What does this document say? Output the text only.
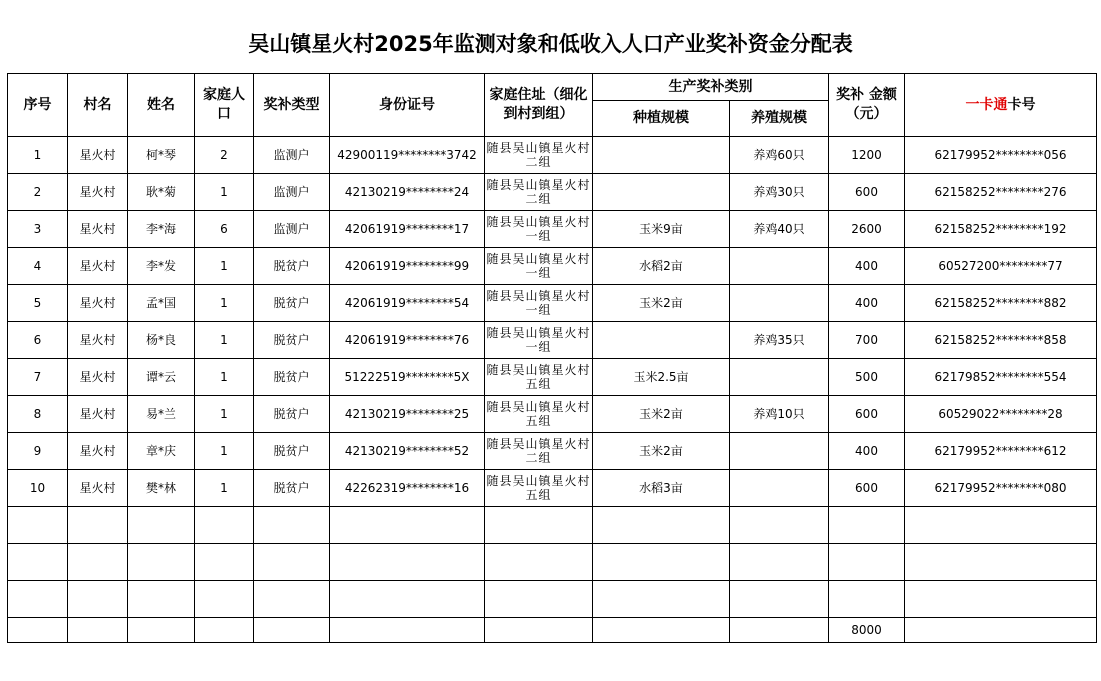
吴山镇星火村2025年监测对象和低收入人口产业奖补资金分配表
序号	村名	姓名	家庭人口	奖补类型	身份证号	家庭住址（细化到村到组）	生产奖补类别		奖补 金额（元）	一卡通卡号
							种植规模	养殖规模		
1	星火村	柯*琴	2	监测户	42900119********3742	随县吴山镇星火村二组		养鸡60只	1200	62179952********056
2	星火村	耿*菊	1	监测户	42130219********24	随县吴山镇星火村二组		养鸡30只	600	62158252********276
3	星火村	李*海	6	监测户	42061919********17	随县吴山镇星火村一组	玉米9亩	养鸡40只	2600	62158252********192
4	星火村	李*发	1	脱贫户	42061919********99	随县吴山镇星火村一组	水稻2亩		400	60527200********77
5	星火村	孟*国	1	脱贫户	42061919********54	随县吴山镇星火村一组	玉米2亩		400	62158252********882
6	星火村	杨*良	1	脱贫户	42061919********76	随县吴山镇星火村一组		养鸡35只	700	62158252********858
7	星火村	谭*云	1	脱贫户	51222519********5X	随县吴山镇星火村五组	玉米2.5亩		500	62179852********554
8	星火村	易*兰	1	脱贫户	42130219********25	随县吴山镇星火村五组	玉米2亩	养鸡10只	600	60529022********28
9	星火村	章*庆	1	脱贫户	42130219********52	随县吴山镇星火村二组	玉米2亩		400	62179952********612
10	星火村	樊*林	1	脱贫户	42262319********16	随县吴山镇星火村五组	水稻3亩		600	62179952********080

									8000	
